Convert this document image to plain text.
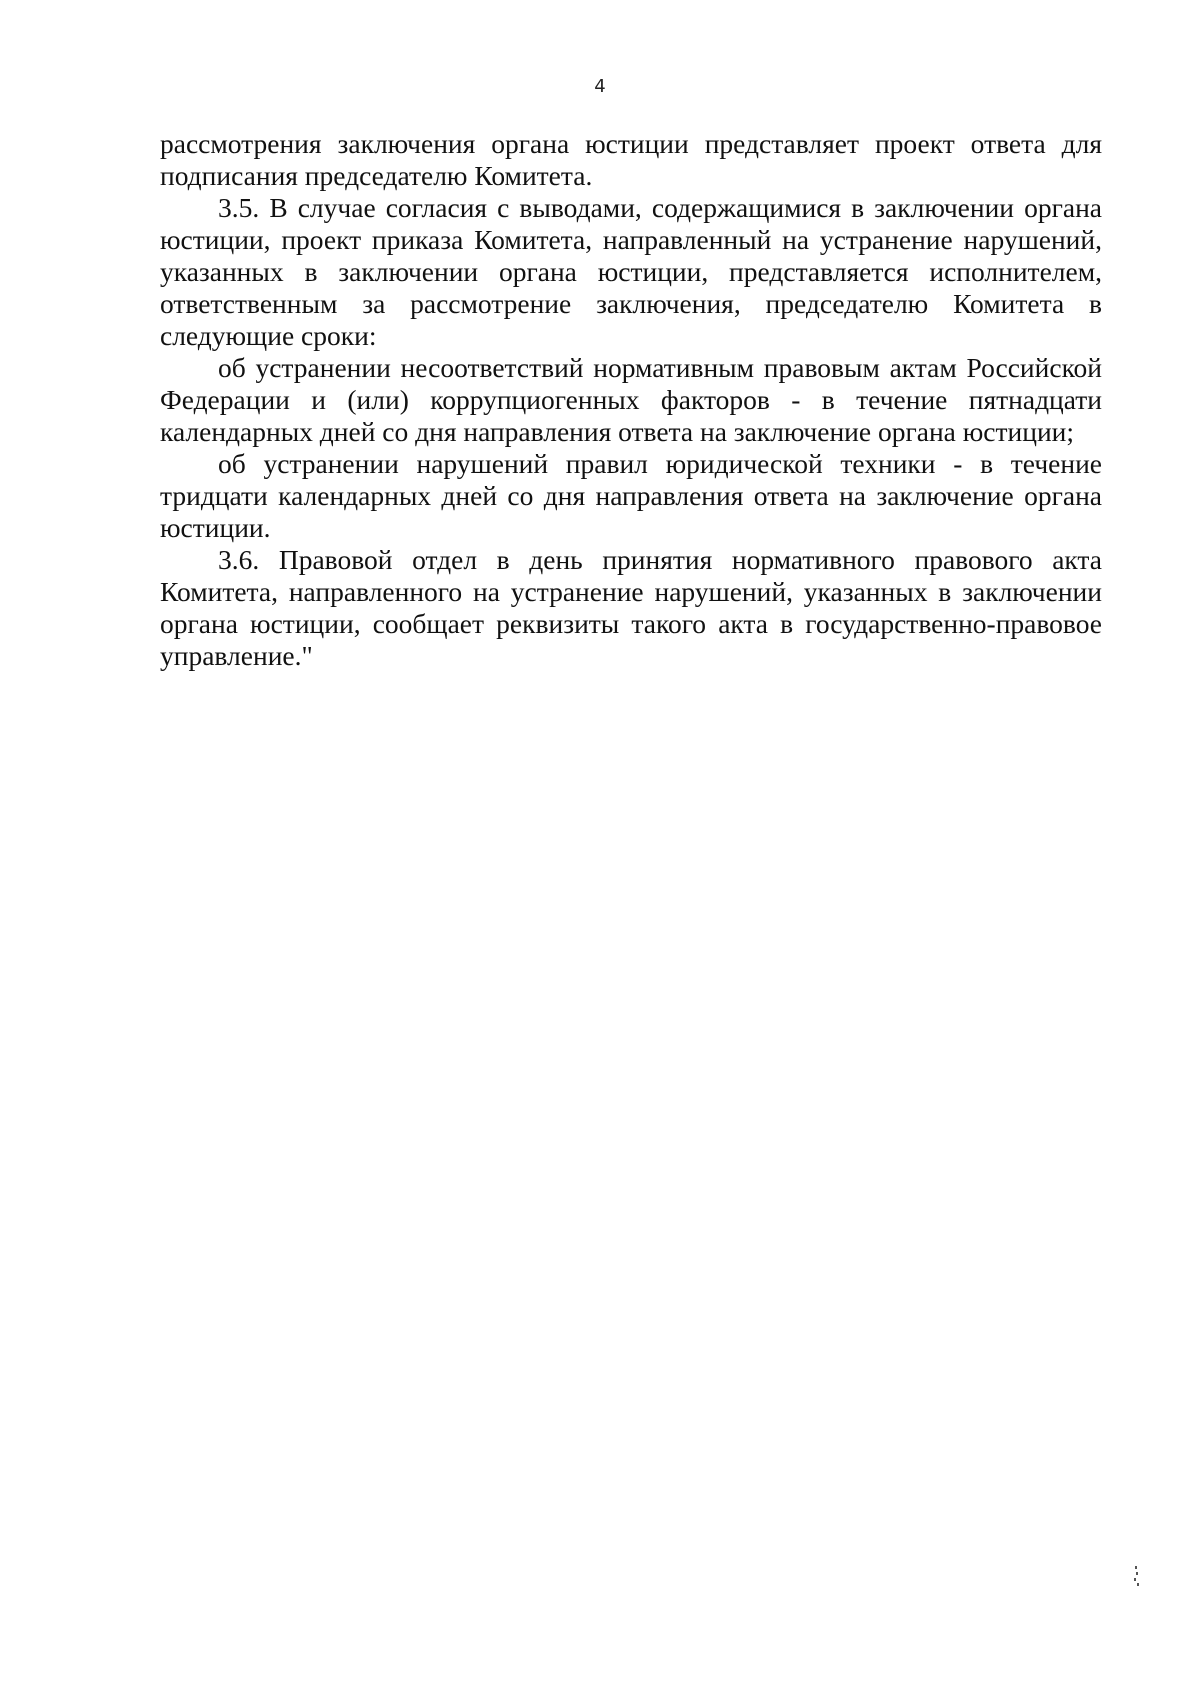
4

рассмотрения заключения органа юстиции представляет проект ответа для подписания председателю Комитета.

3.5. В случае согласия с выводами, содержащимися в заключении органа юстиции, проект приказа Комитета, направленный на устранение нарушений, указанных в заключении органа юстиции, представляется исполнителем, ответственным за рассмотрение заключения, председателю Комитета в следующие сроки:

об устранении несоответствий нормативным правовым актам Российской Федерации и (или) коррупциогенных факторов - в течение пятнадцати календарных дней со дня направления ответа на заключение органа юстиции;

об устранении нарушений правил юридической техники - в течение тридцати календарных дней со дня направления ответа на заключение органа юстиции.

3.6. Правовой отдел в день принятия нормативного правового акта Комитета, направленного на устранение нарушений, указанных в заключении органа юстиции, сообщает реквизиты такого акта в государственно-правовое управление."
